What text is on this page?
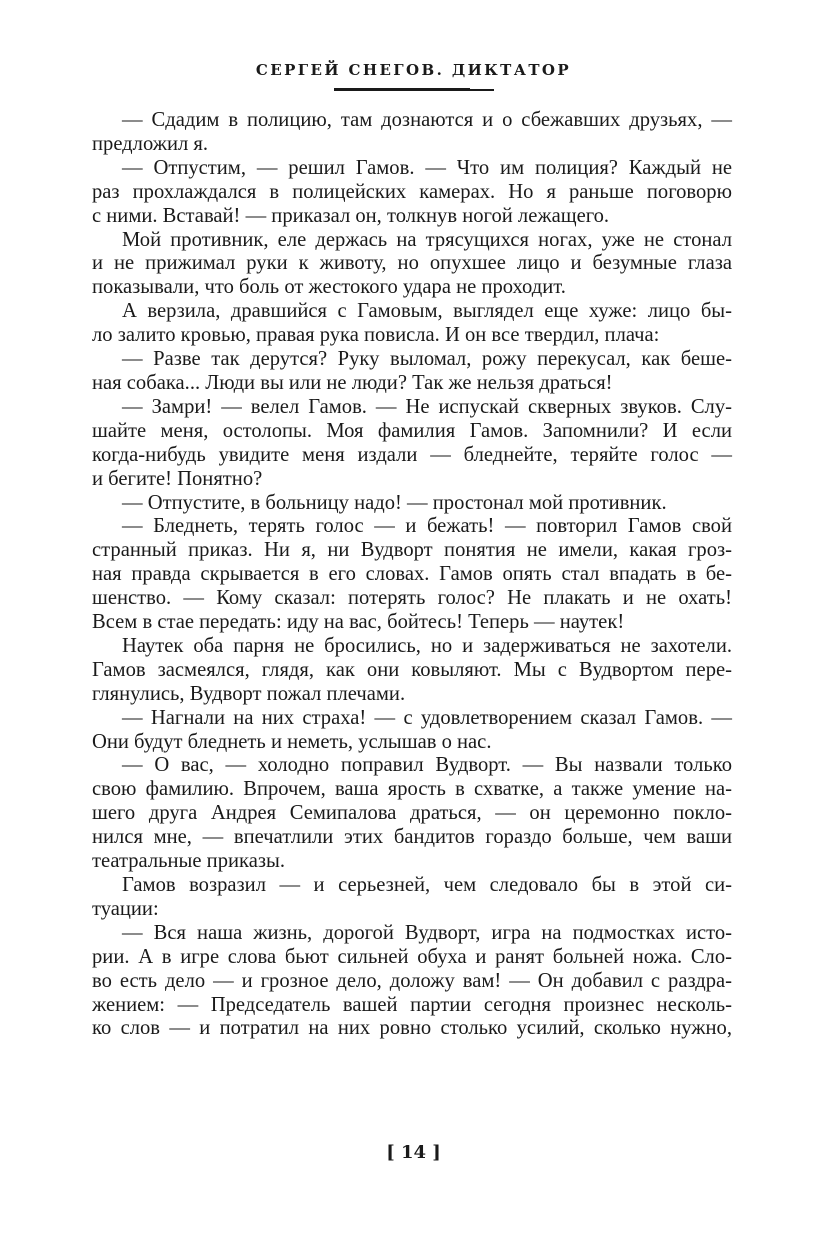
СЕРГЕЙ СНЕГОВ. ДИКТАТОР
— Сдадим в полицию, там дознаются и о сбежавших друзьях, —
предложил я.
— Отпустим, — решил Гамов. — Что им полиция? Каждый не
раз прохлаждался в полицейских камерах. Но я раньше поговорю
с ними. Вставай! — приказал он, толкнув ногой лежащего.
Мой противник, еле держась на трясущихся ногах, уже не стонал
и не прижимал руки к животу, но опухшее лицо и безумные глаза
показывали, что боль от жестокого удара не проходит.
А верзила, дравшийся с Гамовым, выглядел еще хуже: лицо бы-
ло залито кровью, правая рука повисла. И он все твердил, плача:
— Разве так дерутся? Руку выломал, рожу перекусал, как беше-
ная собака... Люди вы или не люди? Так же нельзя драться!
— Замри! — велел Гамов. — Не испускай скверных звуков. Слу-
шайте меня, остолопы. Моя фамилия Гамов. Запомнили? И если
когда-нибудь увидите меня издали — бледнейте, теряйте голос —
и бегите! Понятно?
— Отпустите, в больницу надо! — простонал мой противник.
— Бледнеть, терять голос — и бежать! — повторил Гамов свой
странный приказ. Ни я, ни Вудворт понятия не имели, какая гроз-
ная правда скрывается в его словах. Гамов опять стал впадать в бе-
шенство. — Кому сказал: потерять голос? Не плакать и не охать!
Всем в стае передать: иду на вас, бойтесь! Теперь — наутек!
Наутек оба парня не бросились, но и задерживаться не захотели.
Гамов засмеялся, глядя, как они ковыляют. Мы с Вудвортом пере-
глянулись, Вудворт пожал плечами.
— Нагнали на них страха! — с удовлетворением сказал Гамов. —
Они будут бледнеть и неметь, услышав о нас.
— О вас, — холодно поправил Вудворт. — Вы назвали только
свою фамилию. Впрочем, ваша ярость в схватке, а также умение на-
шего друга Андрея Семипалова драться, — он церемонно покло-
нился мне, — впечатлили этих бандитов гораздо больше, чем ваши
театральные приказы.
Гамов возразил — и серьезней, чем следовало бы в этой си-
туации:
— Вся наша жизнь, дорогой Вудворт, игра на подмостках исто-
рии. А в игре слова бьют сильней обуха и ранят больней ножа. Сло-
во есть дело — и грозное дело, доложу вам! — Он добавил с раздра-
жением: — Председатель вашей партии сегодня произнес несколь-
ко слов — и потратил на них ровно столько усилий, сколько нужно,
[ 14 ]
